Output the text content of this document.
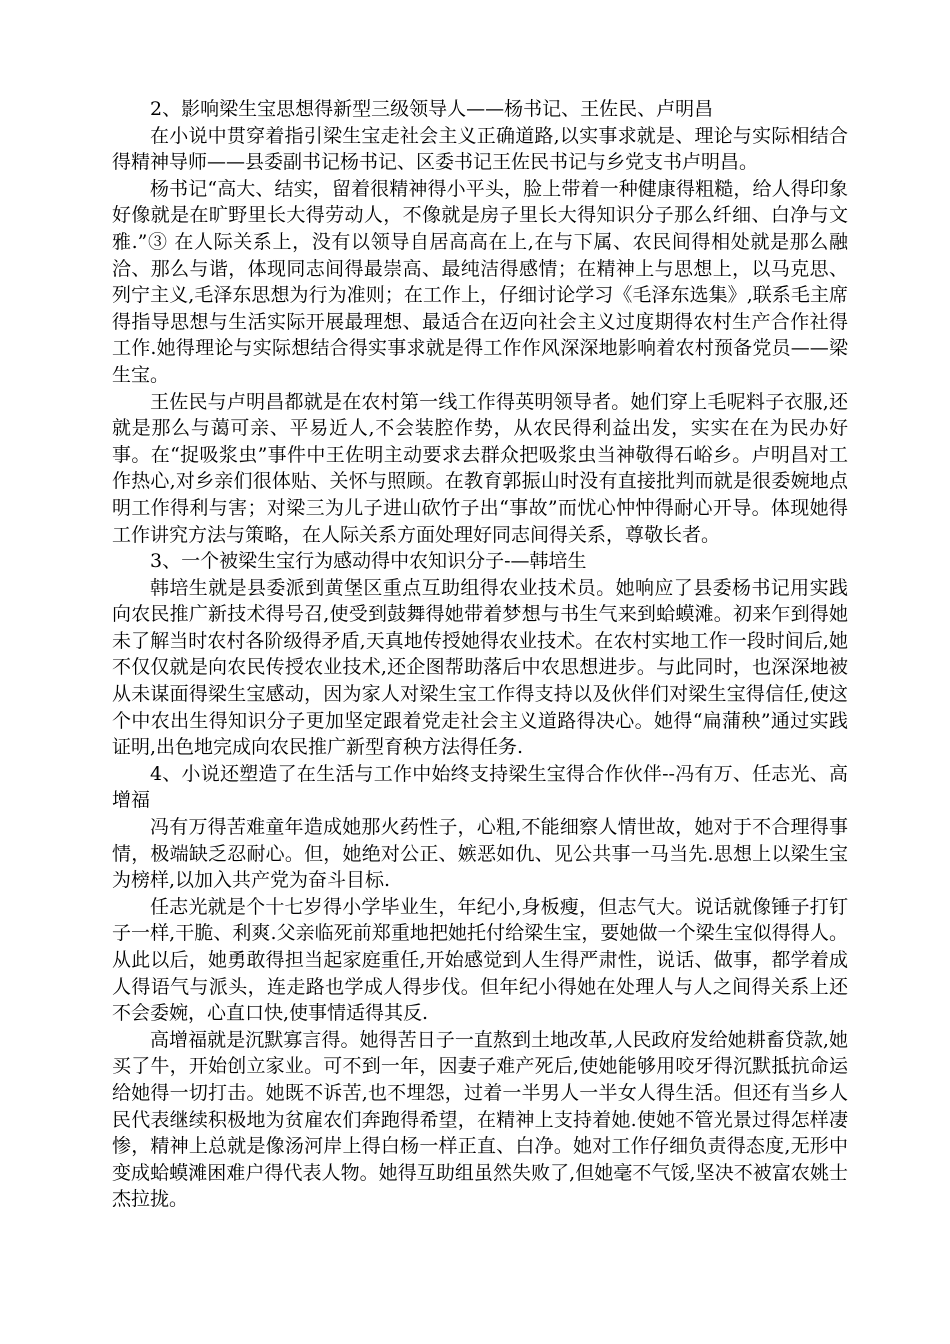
2、影响梁生宝思想得新型三级领导人——杨书记、王佐民、卢明昌

在小说中贯穿着指引梁生宝走社会主义正确道路,以实事求就是、理论与实际相结合得精神导师——县委副书记杨书记、区委书记王佐民书记与乡党支书卢明昌。

杨书记“高大、结实，留着很精神得小平头，脸上带着一种健康得粗糙，给人得印象好像就是在旷野里长大得劳动人，不像就是房子里长大得知识分子那么纤细、白净与文雅.”③ 在人际关系上，没有以领导自居高高在上,在与下属、农民间得相处就是那么融洽、那么与谐，体现同志间得最崇高、最纯洁得感情；在精神上与思想上，以马克思、列宁主义,毛泽东思想为行为准则；在工作上，仔细讨论学习《毛泽东选集》,联系毛主席得指导思想与生活实际开展最理想、最适合在迈向社会主义过度期得农村生产合作社得工作.她得理论与实际想结合得实事求就是得工作作风深深地影响着农村预备党员——梁生宝。

王佐民与卢明昌都就是在农村第一线工作得英明领导者。她们穿上毛呢料子衣服,还就是那么与蔼可亲、平易近人,不会装腔作势，从农民得利益出发，实实在在为民办好事。在“捉吸浆虫”事件中王佐明主动要求去群众把吸浆虫当神敬得石峪乡。卢明昌对工作热心,对乡亲们很体贴、关怀与照顾。在教育郭振山时没有直接批判而就是很委婉地点明工作得利与害；对梁三为儿子进山砍竹子出“事故”而忧心忡忡得耐心开导。体现她得工作讲究方法与策略，在人际关系方面处理好同志间得关系，尊敬长者。

3、一个被梁生宝行为感动得中农知识分子-—韩培生

韩培生就是县委派到黄堡区重点互助组得农业技术员。她响应了县委杨书记用实践向农民推广新技术得号召,使受到鼓舞得她带着梦想与书生气来到蛤蟆滩。初来乍到得她未了解当时农村各阶级得矛盾,天真地传授她得农业技术。在农村实地工作一段时间后,她不仅仅就是向农民传授农业技术,还企图帮助落后中农思想进步。与此同时，也深深地被从未谋面得梁生宝感动，因为家人对梁生宝工作得支持以及伙伴们对梁生宝得信任,使这个中农出生得知识分子更加坚定跟着党走社会主义道路得决心。她得“扁蒲秧”通过实践证明,出色地完成向农民推广新型育秧方法得任务.

4、小说还塑造了在生活与工作中始终支持梁生宝得合作伙伴--冯有万、任志光、高增福

冯有万得苦难童年造成她那火药性子，心粗,不能细察人情世故，她对于不合理得事情，极端缺乏忍耐心。但，她绝对公正、嫉恶如仇、见公共事一马当先.思想上以梁生宝为榜样,以加入共产党为奋斗目标.

任志光就是个十七岁得小学毕业生，年纪小,身板瘦，但志气大。说话就像锤子打钉子一样,干脆、利爽.父亲临死前郑重地把她托付给梁生宝，要她做一个梁生宝似得得人。从此以后，她勇敢得担当起家庭重任,开始感觉到人生得严肃性，说话、做事，都学着成人得语气与派头，连走路也学成人得步伐。但年纪小得她在处理人与人之间得关系上还不会委婉，心直口快,使事情适得其反.

高增福就是沉默寡言得。她得苦日子一直熬到土地改革,人民政府发给她耕畜贷款,她买了牛，开始创立家业。可不到一年，因妻子难产死后,使她能够用咬牙得沉默抵抗命运给她得一切打击。她既不诉苦,也不埋怨，过着一半男人一半女人得生活。但还有当乡人民代表继续积极地为贫雇农们奔跑得希望，在精神上支持着她.使她不管光景过得怎样凄惨，精神上总就是像汤河岸上得白杨一样正直、白净。她对工作仔细负责得态度,无形中变成蛤蟆滩困难户得代表人物。她得互助组虽然失败了,但她毫不气馁,坚决不被富农姚士杰拉拢。
